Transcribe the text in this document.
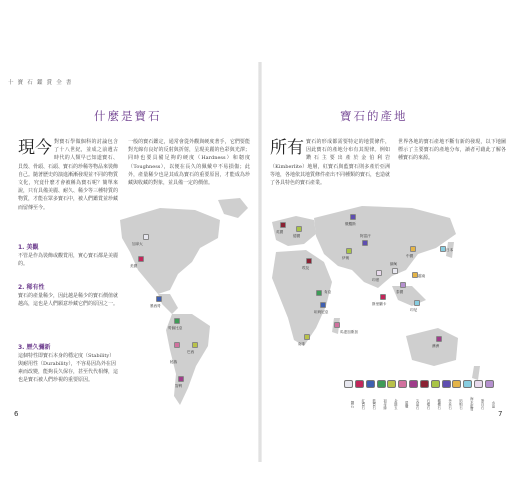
十 寶 石 鑑 賞 全 書
什麼是寶石
現今 對寶石學做個科的討論包含了十八世紀，並成之前遺古時代的人類早已知道寶石、貝殼、骨頭、石頭、寶石的珍稀等物品來裝飾自己。隨著歷史的演進漸漸發現並不同的物質文化，究竟什麼才會被稱為寶石呢？簡單來說，只有具備美麗、耐久、稀少等三種特質的物質，才能在眾多寶石中，被人們鑑賞並珍藏而留傳至今。
一般的寶石鑑定，通常會從外觀與硬度著手，它們要能對光線有良好的反射與折射，呈現美麗的色彩與光澤；同時也要具備足夠的硬度（Hardness）和韌度（Toughness），以便在長久的佩戴中不易損傷；此外，產量稀少也是其成為寶石的重要原因，才能成為珍藏與收藏的對象，並具備一定的價值。
1. 美觀
不管是作為裝飾或觀賞用，實心寶石都是美麗的。
2. 稀有性
寶石的產量稀少，因此越是稀少的寶石價值就越高，這也是人們願意珍藏它們的原因之一。
3. 歷久彌新
這個特性即寶石本身的穩定度（Stability）與耐用性（Durability），不容易因為外在因素而改變，能夠長久保存，甚至代代相傳，這也是寶石被人們珍視的重要原因。
6
寶石的產地
所有 寶石的形成都需要特定的地質條件，因此寶石的產地分布有其規律。例如鑽石主要出產於金伯利岩（Kimberlite）地層，紅寶石與藍寶石則多產於亞洲等地，各地依其地質條件產出不同種類的寶石，也造就了各具特色的寶石產業。
世界各地的寶石產地不斷有新的發現，以下地圖標示了主要寶石的產地分布，讀者可藉此了解各種寶石的來源。
加拿大
美國
墨西哥
哥倫比亞
巴西
秘魯
智利
英國
德國
俄羅斯
中國
日本
印度
泰國
緬甸
斯里蘭卡
坦尚尼亞
肯亞
南非
馬達加斯加
澳洲
埃及
伊朗
阿富汗
越南
印尼
鑽石	紅寶石	藍寶石	祖母綠	金綠玉	碧璽	尖晶石	石榴石	橄欖石	丹泉石	拓帕石	海水藍寶	蛋白石	水晶
7
